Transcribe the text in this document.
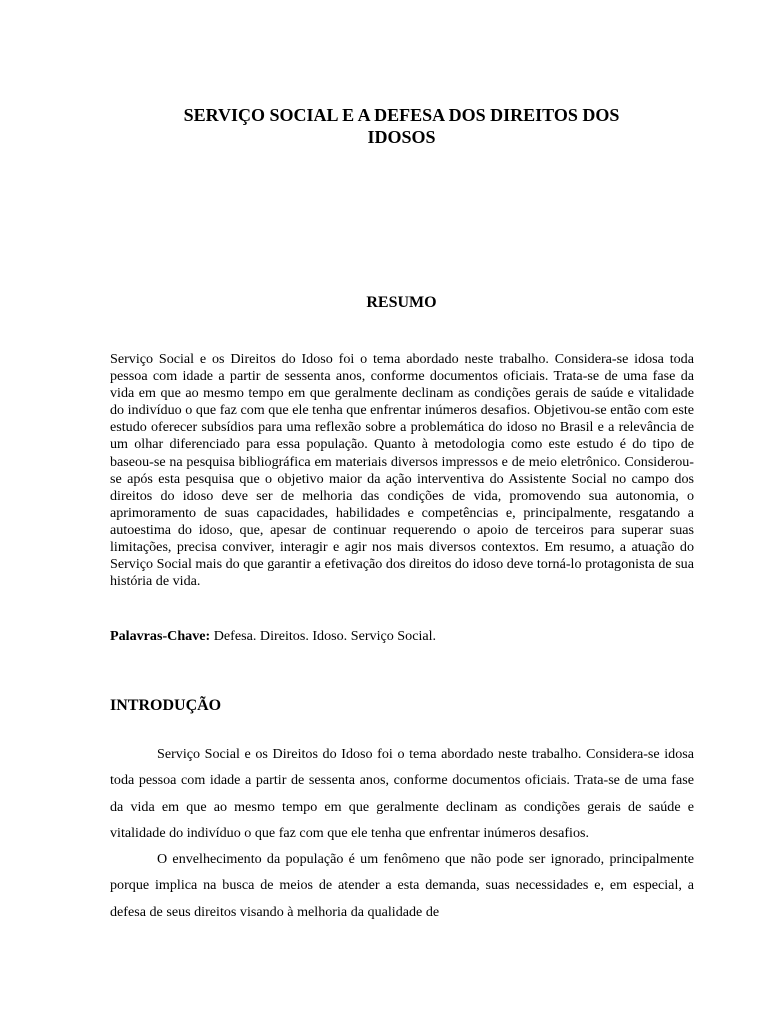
SERVIÇO SOCIAL E A DEFESA DOS DIREITOS DOS
IDOSOS
RESUMO

Serviço Social e os Direitos do Idoso foi o tema abordado neste trabalho. Considera-se idosa toda pessoa com idade a partir de sessenta anos, conforme documentos oficiais. Trata-se de uma fase da vida em que ao mesmo tempo em que geralmente declinam as condições gerais de saúde e vitalidade do indivíduo o que faz com que ele tenha que enfrentar inúmeros desafios. Objetivou-se então com este estudo oferecer subsídios para uma reflexão sobre a problemática do idoso no Brasil e a relevância de um olhar diferenciado para essa população. Quanto à metodologia como este estudo é do tipo de baseou-se na pesquisa bibliográfica em materiais diversos impressos e de meio eletrônico. Considerou-se após esta pesquisa que o objetivo maior da ação interventiva do Assistente Social no campo dos direitos do idoso deve ser de melhoria das condições de vida, promovendo sua autonomia, o aprimoramento de suas capacidades, habilidades e competências e, principalmente, resgatando a autoestima do idoso, que, apesar de continuar requerendo o apoio de terceiros para superar suas limitações, precisa conviver, interagir e agir nos mais diversos contextos. Em resumo, a atuação do Serviço Social mais do que garantir a efetivação dos direitos do idoso deve torná-lo protagonista de sua história de vida.

Palavras-Chave: Defesa. Direitos. Idoso. Serviço Social.

INTRODUÇÃO

Serviço Social e os Direitos do Idoso foi o tema abordado neste trabalho. Considera-se idosa toda pessoa com idade a partir de sessenta anos, conforme documentos oficiais. Trata-se de uma fase da vida em que ao mesmo tempo em que geralmente declinam as condições gerais de saúde e vitalidade do indivíduo o que faz com que ele tenha que enfrentar inúmeros desafios.

O envelhecimento da população é um fenômeno que não pode ser ignorado, principalmente porque implica na busca de meios de atender a esta demanda, suas necessidades e, em especial, a defesa de seus direitos visando à melhoria da qualidade de
